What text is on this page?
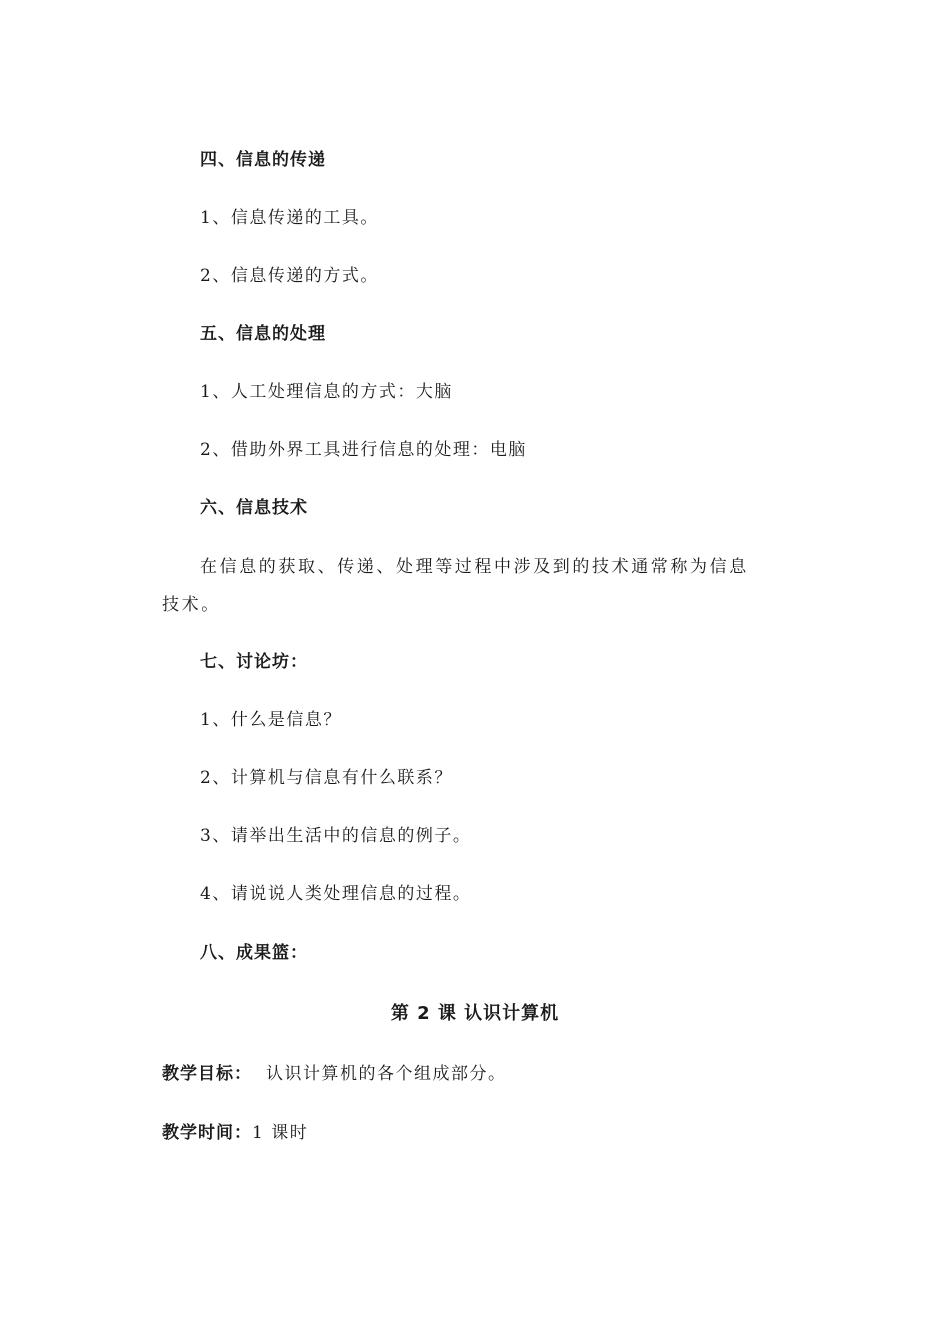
四、信息的传递
1、信息传递的工具。
2、信息传递的方式。
五、信息的处理
1、人工处理信息的方式：大脑
2、借助外界工具进行信息的处理：电脑
六、信息技术
在信息的获取、传递、处理等过程中涉及到的技术通常称为信息技术。
七、讨论坊：
1、什么是信息？
2、计算机与信息有什么联系？
3、请举出生活中的信息的例子。
4、请说说人类处理信息的过程。
八、成果篮：
第 2 课 认识计算机
教学目标： 认识计算机的各个组成部分。
教学时间：1 课时
